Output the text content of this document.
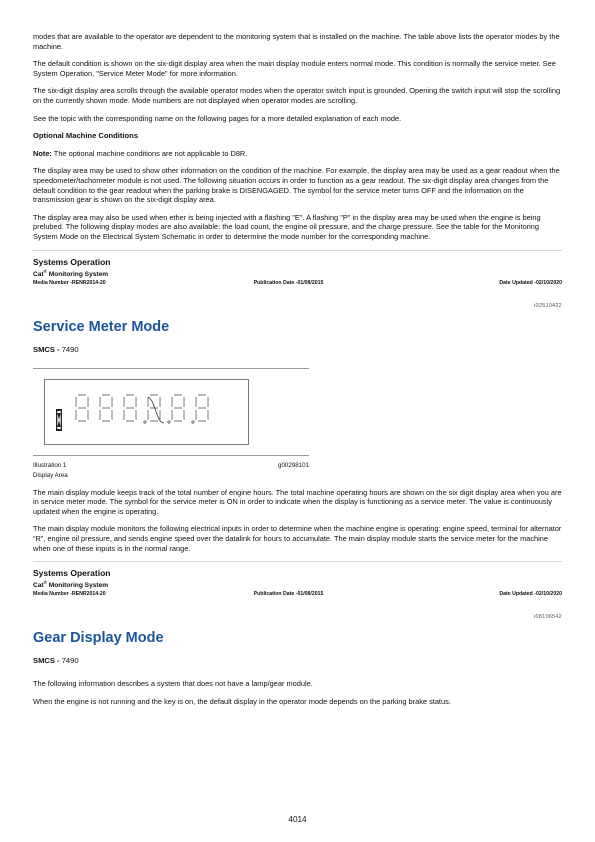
modes that are available to the operator are dependent to the monitoring system that is installed on the machine. The table above lists the operator modes by the machine.

The default condition is shown on the six-digit display area when the main display module enters normal mode. This condition is normally the service meter. See System Operation, "Service Meter Mode" for more information.

The six-digit display area scrolls through the available operator modes when the operator switch input is grounded. Opening the switch input will stop the scrolling on the currently shown mode. Mode numbers are not displayed when operator modes are scrolling.

See the topic with the corresponding name on the following pages for a more detailed explanation of each mode.

Optional Machine Conditions

Note: The optional machine conditions are not applicable to D8R.

The display area may be used to show other information on the condition of the machine. For example, the display area may be used as a gear readout when the speedometer/tachometer module is not used. The following situation occurs in order to function as a gear readout. The six-digit display area changes from the default condition to the gear readout when the parking brake is DISENGAGED. The symbol for the service meter turns OFF and the information on the transmission gear is shown on the six-digit display area.

The display area may also be used when ether is being injected with a flashing "E". A flashing "P" in the display area may be used when the engine is being prelubed. The following display modes are also available: the load count, the engine oil pressure, and the charge pressure. See the table for the Monitoring System Mode on the Electrical System Schematic in order to determine the mode number for the corresponding machine.

Systems Operation
Cat® Monitoring System
Media Number -RENR2014-20	Publication Date -01/08/2015	Date Updated -02/10/2020
i02510422
Service Meter Mode
SMCS - 7490
Illustration 1	g00298101
Display Area

The main display module keeps track of the total number of engine hours. The total machine operating hours are shown on the six digit display area when you are in service meter mode. The symbol for the service meter is ON in order to indicate when the display is functioning as a service meter. The value is continuously updated when the engine is operating.

The main display module monitors the following electrical inputs in order to determine when the machine engine is operating: engine speed, terminal for alternator “R”, engine oil pressure, and sends engine speed over the datalink for hours to accumulate. The main display module starts the service meter for the machine when one of these inputs is in the normal range.

Systems Operation
Cat® Monitoring System
Media Number -RENR2014-20	Publication Date -01/08/2015	Date Updated -02/10/2020
i08106542
Gear Display Mode
SMCS - 7490

The following information describes a system that does not have a lamp/gear module.

When the engine is not running and the key is on, the default display in the operator mode depends on the parking brake status.

4014
